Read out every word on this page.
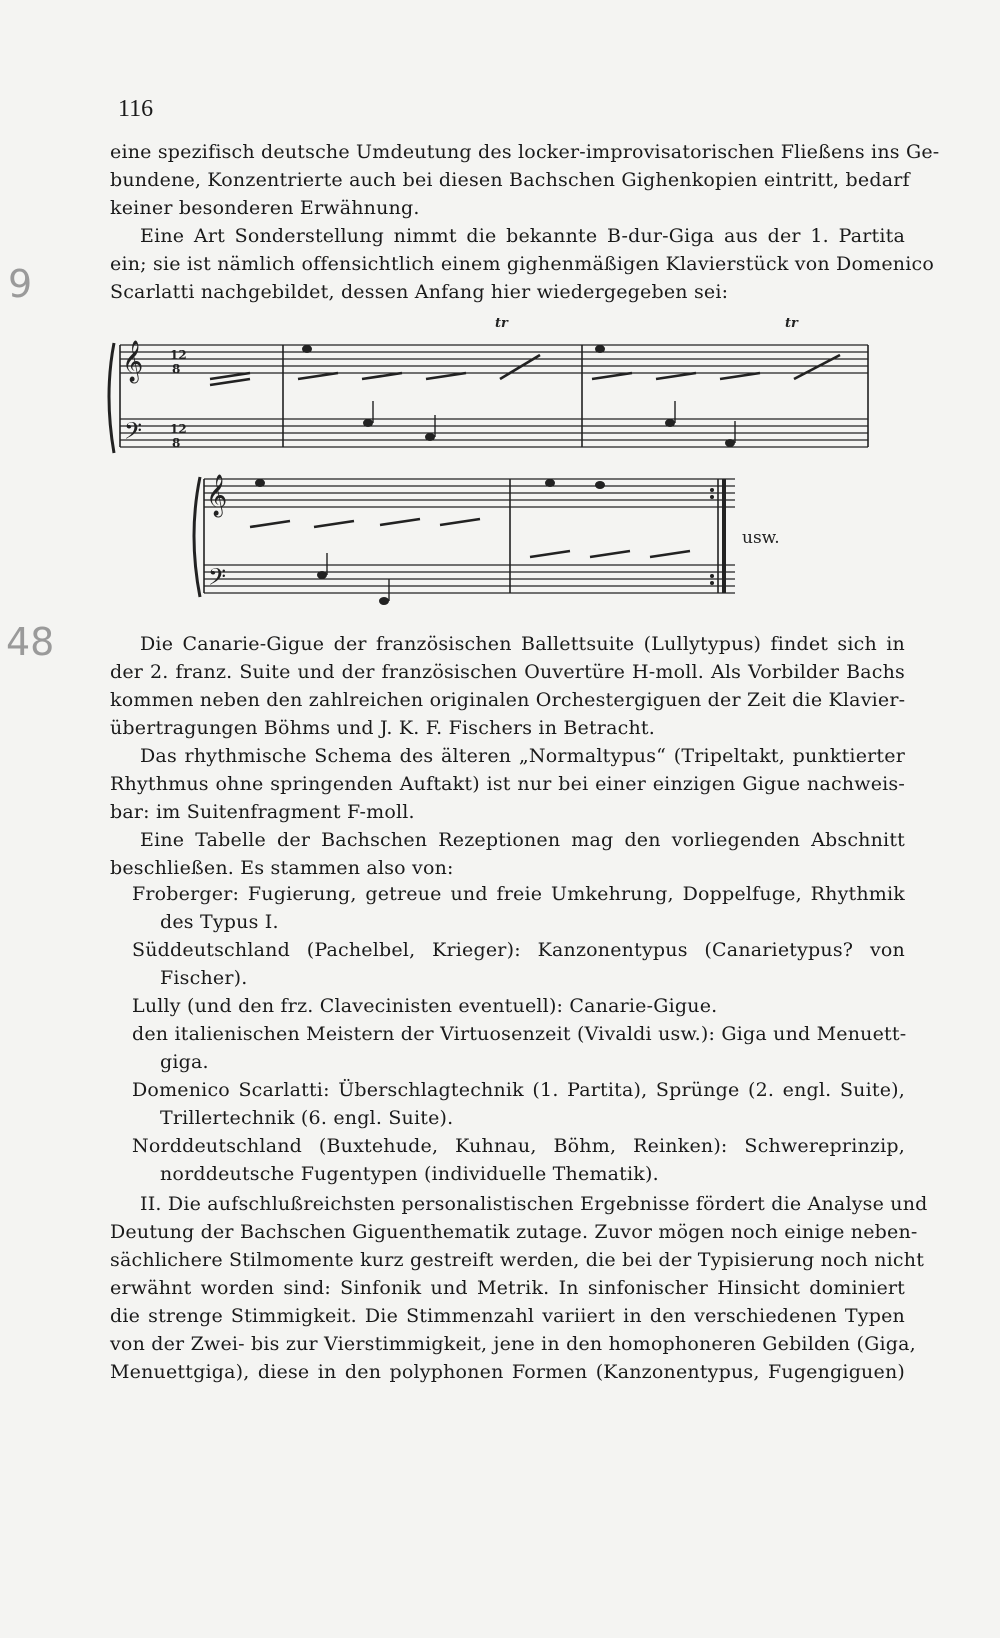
116
9
48
eine spezifisch deutsche Umdeutung des locker-improvisatorischen Fließens ins Ge-
bundene, Konzentrierte auch bei diesen Bachschen Gighenkopien eintritt, bedarf
keiner besonderen Erwähnung.
Eine Art Sonderstellung nimmt die bekannte B-dur-Giga aus der 1. Partita
ein; sie ist nämlich offensichtlich einem gighenmäßigen Klavierstück von Domenico
Scarlatti nachgebildet, dessen Anfang hier wiedergegeben sei:
𝄞
𝄢
12
8
12
8
tr	tr
𝄞
𝄢
usw.
Die Canarie-Gigue der französischen Ballettsuite (Lullytypus) findet sich in
der 2. franz. Suite und der französischen Ouvertüre H-moll. Als Vorbilder Bachs
kommen neben den zahlreichen originalen Orchestergiguen der Zeit die Klavier-
übertragungen Böhms und J. K. F. Fischers in Betracht.
Das rhythmische Schema des älteren „Normaltypus“ (Tripeltakt, punktierter
Rhythmus ohne springenden Auftakt) ist nur bei einer einzigen Gigue nachweis-
bar: im Suitenfragment F-moll.
Eine Tabelle der Bachschen Rezeptionen mag den vorliegenden Abschnitt
beschließen. Es stammen also von:
Froberger: Fugierung, getreue und freie Umkehrung, Doppelfuge, Rhythmik
des Typus I.
Süddeutschland (Pachelbel, Krieger): Kanzonentypus (Canarietypus? von
Fischer).
Lully (und den frz. Clavecinisten eventuell): Canarie-Gigue.
den italienischen Meistern der Virtuosenzeit (Vivaldi usw.): Giga und Menuett-
giga.
Domenico Scarlatti: Überschlagtechnik (1. Partita), Sprünge (2. engl. Suite),
Trillertechnik (6. engl. Suite).
Norddeutschland (Buxtehude, Kuhnau, Böhm, Reinken): Schwereprinzip,
norddeutsche Fugentypen (individuelle Thematik).
II. Die aufschlußreichsten personalistischen Ergebnisse fördert die Analyse und
Deutung der Bachschen Giguenthematik zutage. Zuvor mögen noch einige neben-
sächlichere Stilmomente kurz gestreift werden, die bei der Typisierung noch nicht
erwähnt worden sind: Sinfonik und Metrik. In sinfonischer Hinsicht dominiert
die strenge Stimmigkeit. Die Stimmenzahl variiert in den verschiedenen Typen
von der Zwei- bis zur Vierstimmigkeit, jene in den homophoneren Gebilden (Giga,
Menuettgiga), diese in den polyphonen Formen (Kanzonentypus, Fugengiguen)
